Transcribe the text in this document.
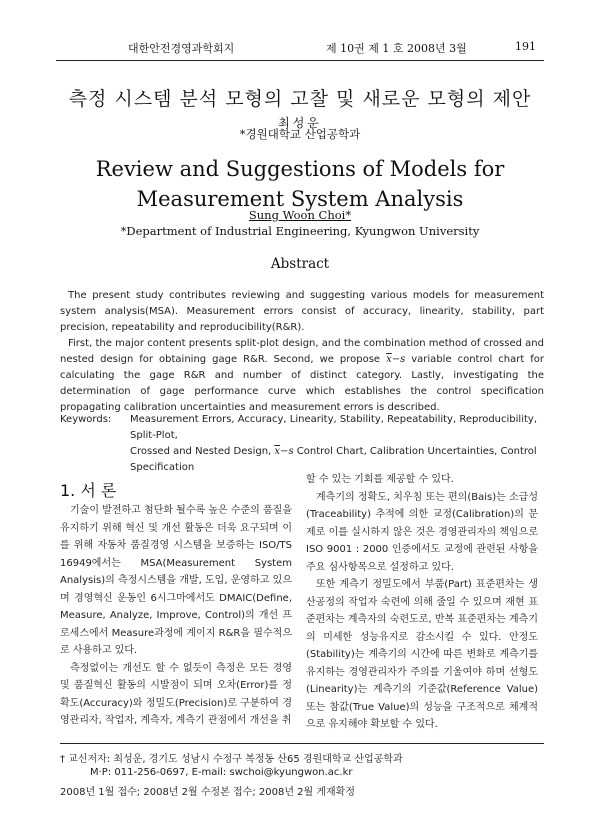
대한안전경영과학회지	제 10권 제 1 호 2008년 3월	191
측정 시스템 분석 모형의 고찰 및 새로운 모형의 제안
최성운
*경원대학교 산업공학과
Review and Suggestions of Models for
Measurement System Analysis
Sung Woon Choi*
*Department of Industrial Engineering, Kyungwon University
Abstract

The present study contributes reviewing and suggesting various models for measurement system analysis(MSA). Measurement errors consist of accuracy, linearity, stability, part precision, repeatability and reproducibility(R&R).

First, the major content presents split-plot design, and the combination method of crossed and nested design for obtaining gage R&R. Second, we propose $\overline{x}-s$ variable control chart for calculating the gage R&R and number of distinct category. Lastly, investigating the determination of gage performance curve which establishes the control specification propagating calibration uncertainties and measurement errors is described.

Keywords:	Measurement Errors, Accuracy, Linearity, Stability, Repeatability, Reproducibility, Split-Plot,
Crossed and Nested Design, $\overline{x}-s$ Control Chart, Calibration Uncertainties, Control Specification
1. 서 론

기술이 발전하고 첨단화 될수록 높은 수준의 품질을 유지하기 위해 혁신 및 개선 활동은 더욱 요구되며 이를 위해 자동차 품질경영 시스템을 보증하는 ISO/TS 16949에서는 MSA(Measurement System Analysis)의 측정시스템을 개발, 도입, 운영하고 있으며 경영혁신 운동인 6시그마에서도 DMAIC(Define, Measure, Analyze, Improve, Control)의 개선 프로세스에서 Measure과정에 계이지 R&R을 필수적으로 사용하고 있다.

측정없이는 개선도 할 수 없듯이 측정은 모든 경영 및 품질혁신 활동의 시발점이 되며 오차(Error)를 정확도(Accuracy)와 정밀도(Precision)로 구분하여 경영관리자, 작업자, 계측자, 계측기 관점에서 개선을 취

할 수 있는 기회를 제공할 수 있다.

계측기의 정확도, 치우침 또는 편의(Bais)는 소급성(Traceability) 추적에 의한 교정(Calibration)의 문제로 이를 실시하지 않은 것은 경영관리자의 책임으로 ISO 9001 : 2000 인증에서도 교정에 관련된 사항을 주요 심사항목으로 설정하고 있다.

또한 계측기 정밀도에서 부품(Part) 표준편차는 생산공정의 작업자 숙련에 의해 줄일 수 있으며 재현 표준편차는 계측자의 숙련도로, 반복 표준편차는 계측기의 미세한 성능유지로 감소시킬 수 있다. 안정도(Stability)는 계측기의 시간에 따른 변화로 계측기를 유지하는 경영관리자가 주의를 기울여야 하며 선형도(Linearity)는 계측기의 기준값(Reference Value) 또는 참값(True Value)의 성능을 구조적으로 체계적으로 유지해야 확보할 수 있다.

† 교신저자: 최성운, 경기도 성남시 수정구 복정동 산65 경원대학교 산업공학과
M·P: 011-256-0697, E-mail: swchoi@kyungwon.ac.kr
2008년 1월 접수; 2008년 2월 수정본 접수; 2008년 2월 게재확정
